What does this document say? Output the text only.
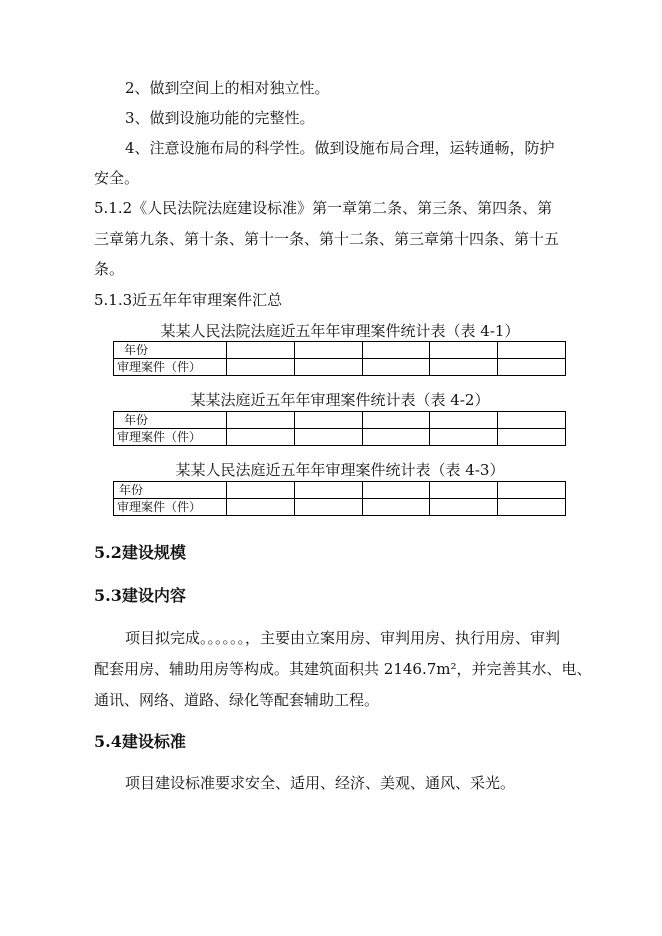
2、做到空间上的相对独立性。
3、做到设施功能的完整性。
4、注意设施布局的科学性。做到设施布局合理，运转通畅，防护
安全。
5.1.2《人民法院法庭建设标准》第一章第二条、第三条、第四条、第
三章第九条、第十条、第十一条、第十二条、第三章第十四条、第十五
条。
5.1.3近五年年审理案件汇总
某某人民法院法庭近五年年审理案件统计表（表 4-1）
年份					
审理案件（件）					
某某法庭近五年年审理案件统计表（表 4-2）
年份					
审理案件（件）					
某某人民法庭近五年年审理案件统计表（表 4-3）
年份					
审理案件（件）					
5.2建设规模
5.3建设内容
项目拟完成。。。。。。，主要由立案用房、审判用房、执行用房、审判
配套用房、辅助用房等构成。其建筑面积共 2146.7m²，并完善其水、电、
通讯、网络、道路、绿化等配套辅助工程。
5.4建设标准
项目建设标准要求安全、适用、经济、美观、通风、采光。
